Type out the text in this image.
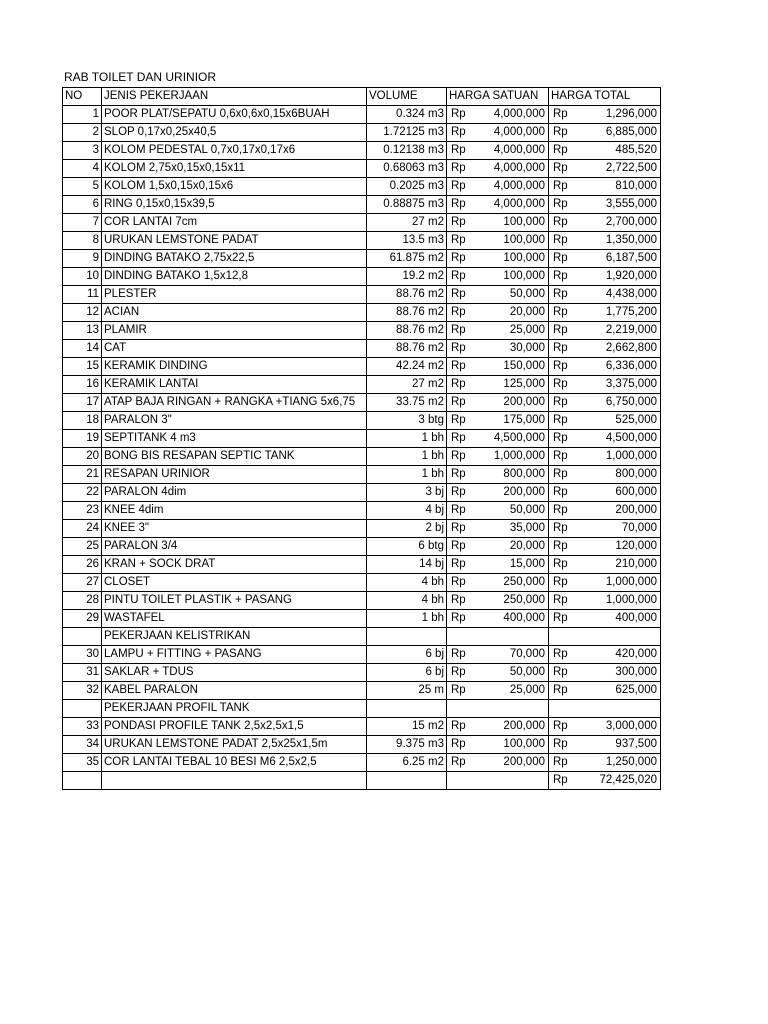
RAB TOILET DAN URINIOR
NO	JENIS PEKERJAAN	VOLUME	HARGA SATUAN	HARGA TOTAL
1	POOR PLAT/SEPATU 0,6x0,6x0,15x6BUAH	0.324 m3	Rp 4,000,000	Rp 1,296,000

2	SLOP 0,17x0,25x40,5	1.72125 m3	Rp 4,000,000	Rp 6,885,000

3	KOLOM PEDESTAL 0,7x0,17x0,17x6	0.12138 m3	Rp 4,000,000	Rp 485,520

4	KOLOM 2,75x0,15x0,15x11	0.68063 m3	Rp 4,000,000	Rp 2,722,500

5	KOLOM 1,5x0,15x0,15x6	0.2025 m3	Rp 4,000,000	Rp 810,000

6	RING 0,15x0,15x39,5	0.88875 m3	Rp 4,000,000	Rp 3,555,000

7	COR LANTAI 7cm	27 m2	Rp 100,000	Rp 2,700,000

8	URUKAN LEMSTONE PADAT	13.5 m3	Rp 100,000	Rp 1,350,000

9	DINDING BATAKO 2,75x22,5	61.875 m2	Rp 100,000	Rp 6,187,500

10	DINDING BATAKO 1,5x12,8	19.2 m2	Rp 100,000	Rp 1,920,000

11	PLESTER	88.76 m2	Rp 50,000	Rp 4,438,000

12	ACIAN	88.76 m2	Rp 20,000	Rp 1,775,200

13	PLAMIR	88.76 m2	Rp 25,000	Rp 2,219,000

14	CAT	88.76 m2	Rp 30,000	Rp 2,662,800

15	KERAMIK DINDING	42.24 m2	Rp 150,000	Rp 6,336,000

16	KERAMIK LANTAI	27 m2	Rp 125,000	Rp 3,375,000

17	ATAP BAJA RINGAN + RANGKA +TIANG 5x6,75	33.75 m2	Rp 200,000	Rp 6,750,000

18	PARALON 3"	3 btg	Rp 175,000	Rp 525,000

19	SEPTITANK 4 m3	1 bh	Rp 4,500,000	Rp 4,500,000

20	BONG BIS RESAPAN SEPTIC TANK	1 bh	Rp 1,000,000	Rp 1,000,000

21	RESAPAN URINIOR	1 bh	Rp 800,000	Rp 800,000

22	PARALON 4dim	3 bj	Rp 200,000	Rp 600,000

23	KNEE 4dim	4 bj	Rp 50,000	Rp 200,000

24	KNEE 3"	2 bj	Rp 35,000	Rp 70,000

25	PARALON 3/4	6 btg	Rp 20,000	Rp 120,000

26	KRAN + SOCK DRAT	14 bj	Rp 15,000	Rp 210,000

27	CLOSET	4 bh	Rp 250,000	Rp 1,000,000

28	PINTU TOILET PLASTIK + PASANG	4 bh	Rp 250,000	Rp 1,000,000

29	WASTAFEL	1 bh	Rp 400,000	Rp 400,000

	PEKERJAAN KELISTRIKAN			
30	LAMPU + FITTING + PASANG	6 bj	Rp 70,000	Rp 420,000

31	SAKLAR + TDUS	6 bj	Rp 50,000	Rp 300,000

32	KABEL PARALON	25 m	Rp 25,000	Rp 625,000

	PEKERJAAN PROFIL TANK			
33	PONDASI PROFILE TANK 2,5x2,5x1,5	15 m2	Rp 200,000	Rp 3,000,000

34	URUKAN LEMSTONE PADAT 2,5x25x1,5m	9.375 m3	Rp 100,000	Rp 937,500

35	COR LANTAI TEBAL 10 BESI M6 2,5x2,5	6.25 m2	Rp 200,000	Rp 1,250,000

				Rp 72,425,020
